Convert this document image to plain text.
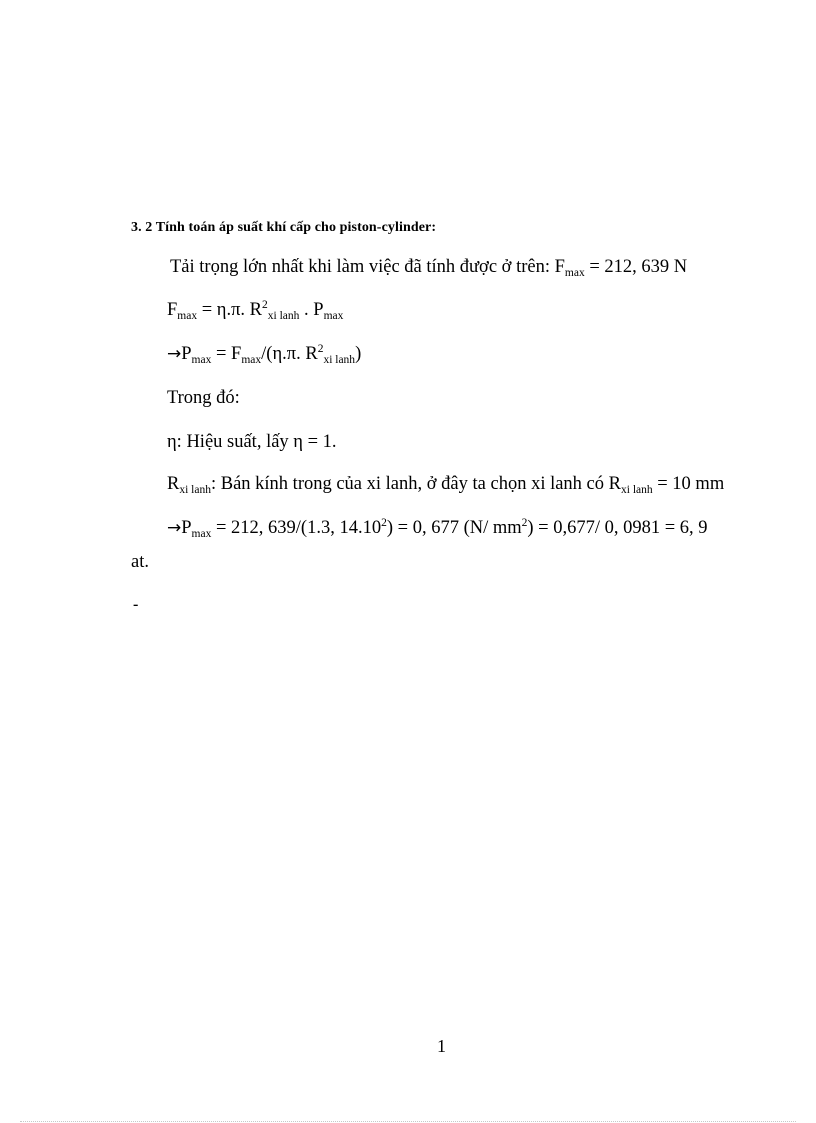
3. 2 Tính toán áp suất khí cấp cho piston-cylinder:
Tải trọng lớn nhất khi làm việc đã tính được ở trên: $F_{max} = 212$, 639 N
$F_{max} = \eta.\pi$. $R^2_{xi lanh}$ . $P_{max}$
$\to P_{max} = F_{max}/(\eta.\pi$. $R^2_{xi lanh}$)
Trong đó:
η: Hiệu suất, lấy η = 1.
$R_{xi lanh}$: Bán kính trong của xi lanh, ở đây ta chọn xi lanh có $R_{xi lanh} = 10$ mm
$\to P_{max} = 212$, 639/(1.3, $14.10^2) = 0$, 677 (N/ $mm^2) = 0,677/$ 0, 0981 = 6, 9
at.
-
1
